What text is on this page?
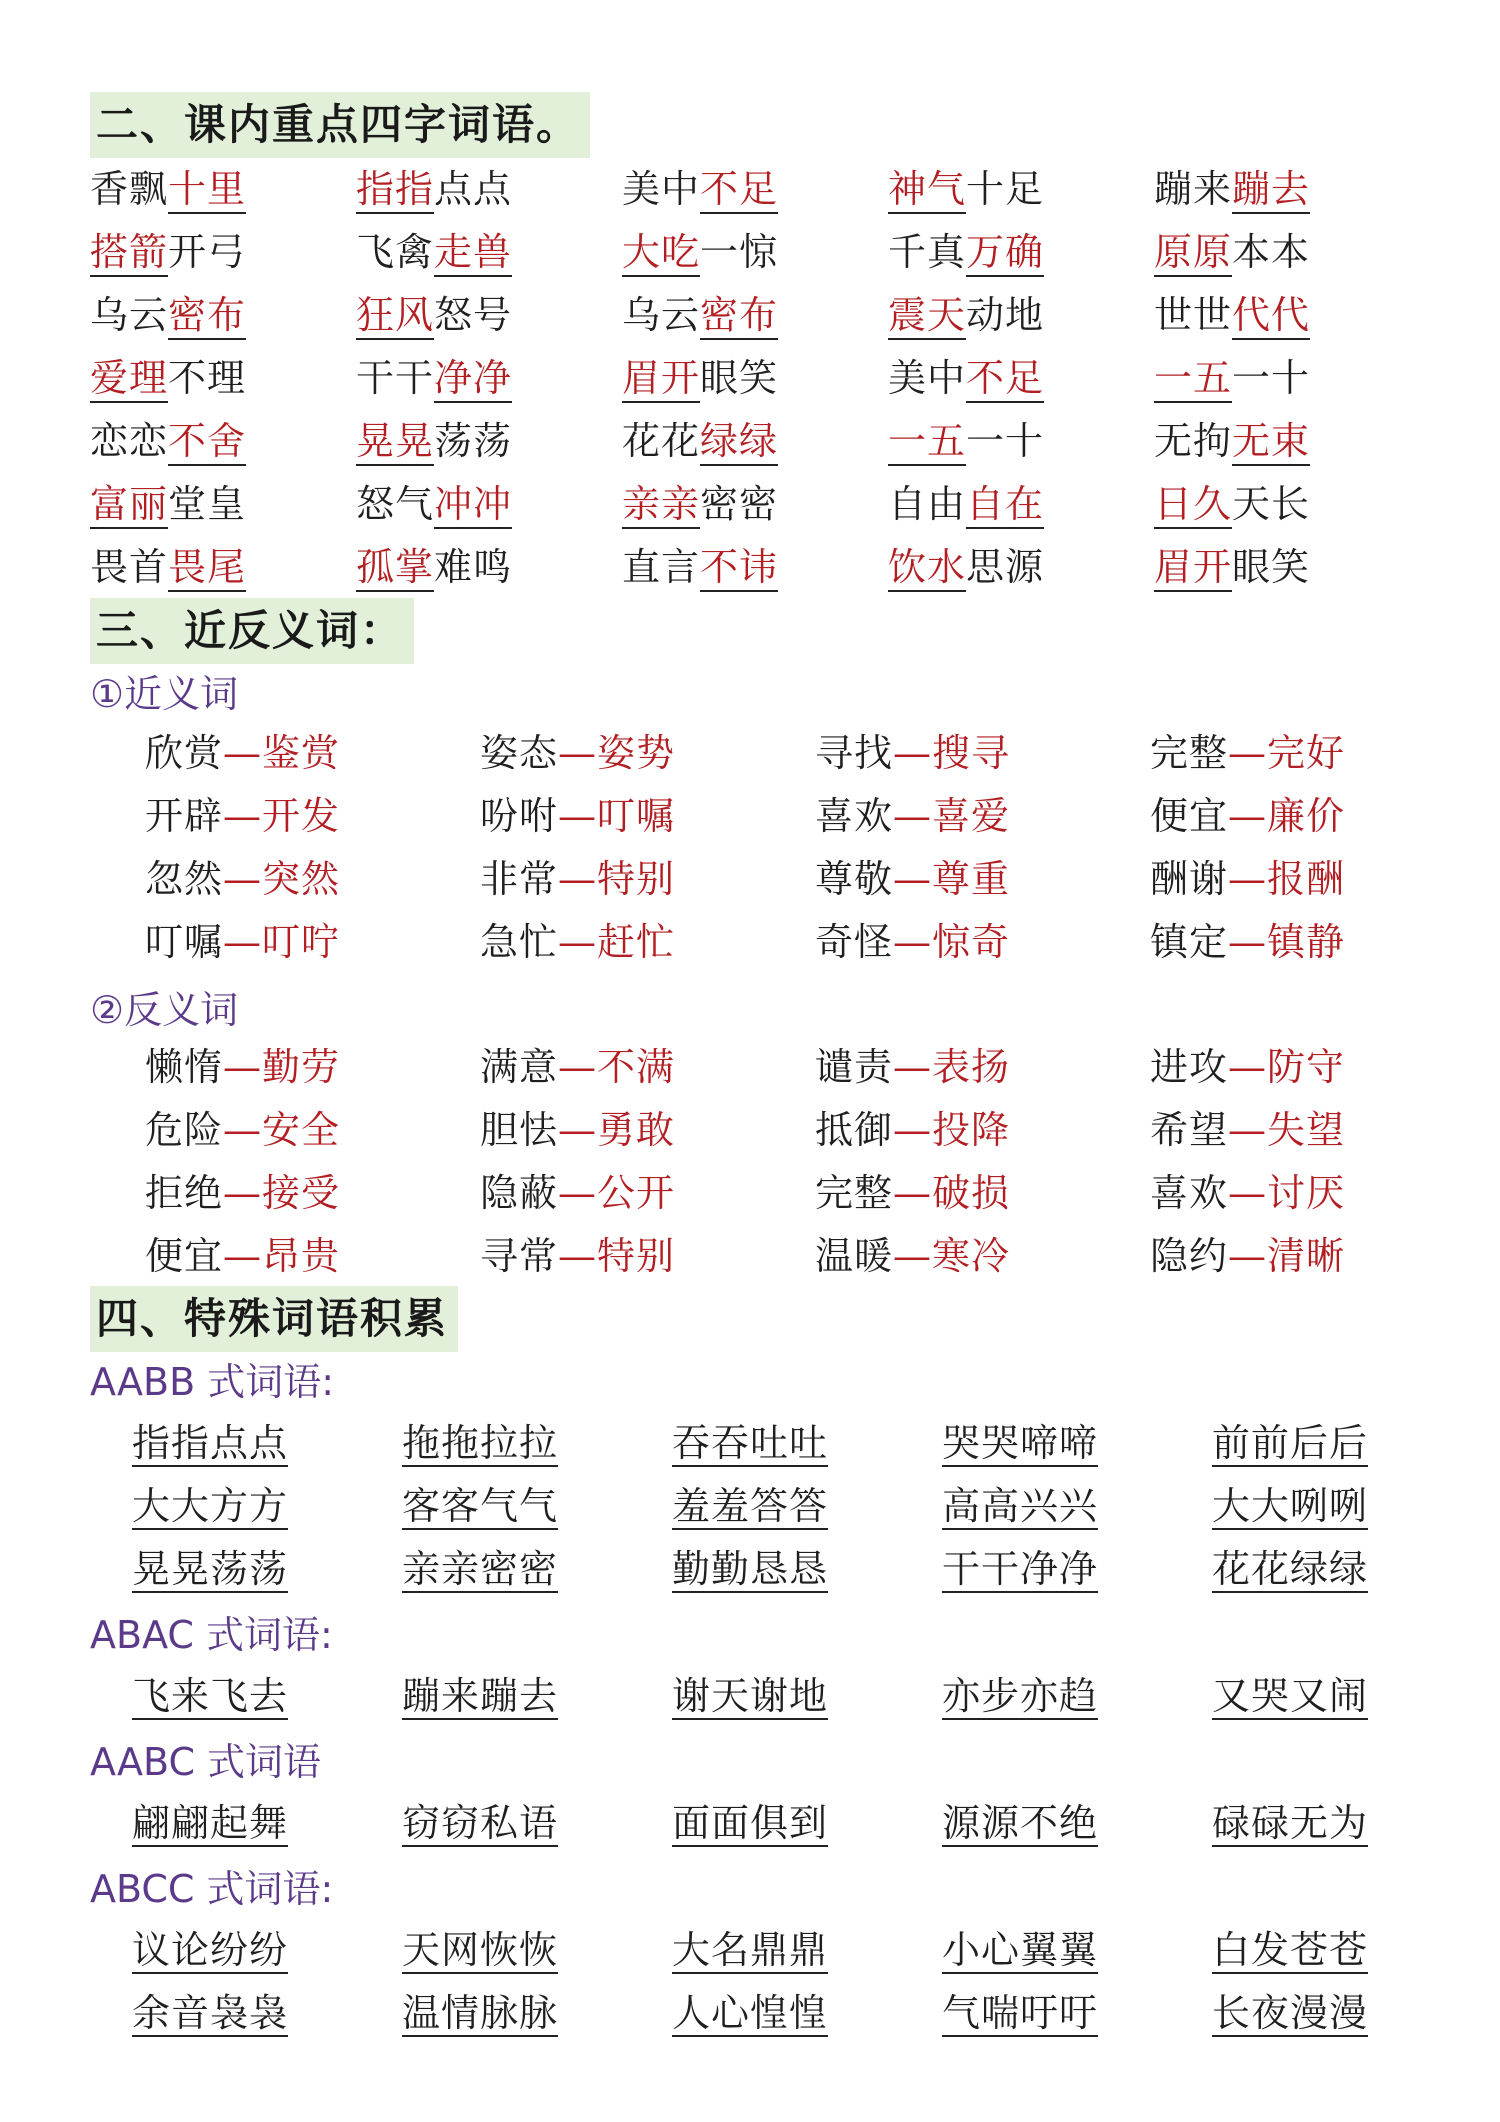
二、课内重点四字词语。
香飘十里	指指点点	美中不足	神气十足	蹦来蹦去
搭箭开弓	飞禽走兽	大吃一惊	千真万确	原原本本
乌云密布	狂风怒号	乌云密布	震天动地	世世代代
爱理不理	干干净净	眉开眼笑	美中不足	一五一十
恋恋不舍	晃晃荡荡	花花绿绿	一五一十	无拘无束
富丽堂皇	怒气冲冲	亲亲密密	自由自在	日久天长
畏首畏尾	孤掌难鸣	直言不讳	饮水思源	眉开眼笑
三、近反义词：
①近义词
欣赏—鉴赏	姿态—姿势	寻找—搜寻	完整—完好
开辟—开发	吩咐—叮嘱	喜欢—喜爱	便宜—廉价
忽然—突然	非常—特别	尊敬—尊重	酬谢—报酬
叮嘱—叮咛	急忙—赶忙	奇怪—惊奇	镇定—镇静
②反义词
懒惰—勤劳	满意—不满	谴责—表扬	进攻—防守
危险—安全	胆怯—勇敢	抵御—投降	希望—失望
拒绝—接受	隐蔽—公开	完整—破损	喜欢—讨厌
便宜—昂贵	寻常—特别	温暖—寒冷	隐约—清晰
四、特殊词语积累
AABB 式词语:
指指点点	拖拖拉拉	吞吞吐吐	哭哭啼啼	前前后后
大大方方	客客气气	羞羞答答	高高兴兴	大大咧咧
晃晃荡荡	亲亲密密	勤勤恳恳	干干净净	花花绿绿
ABAC 式词语:
飞来飞去	蹦来蹦去	谢天谢地	亦步亦趋	又哭又闹
AABC 式词语
翩翩起舞	窃窃私语	面面俱到	源源不绝	碌碌无为
ABCC 式词语:
议论纷纷	天网恢恢	大名鼎鼎	小心翼翼	白发苍苍
余音袅袅	温情脉脉	人心惶惶	气喘吁吁	长夜漫漫
